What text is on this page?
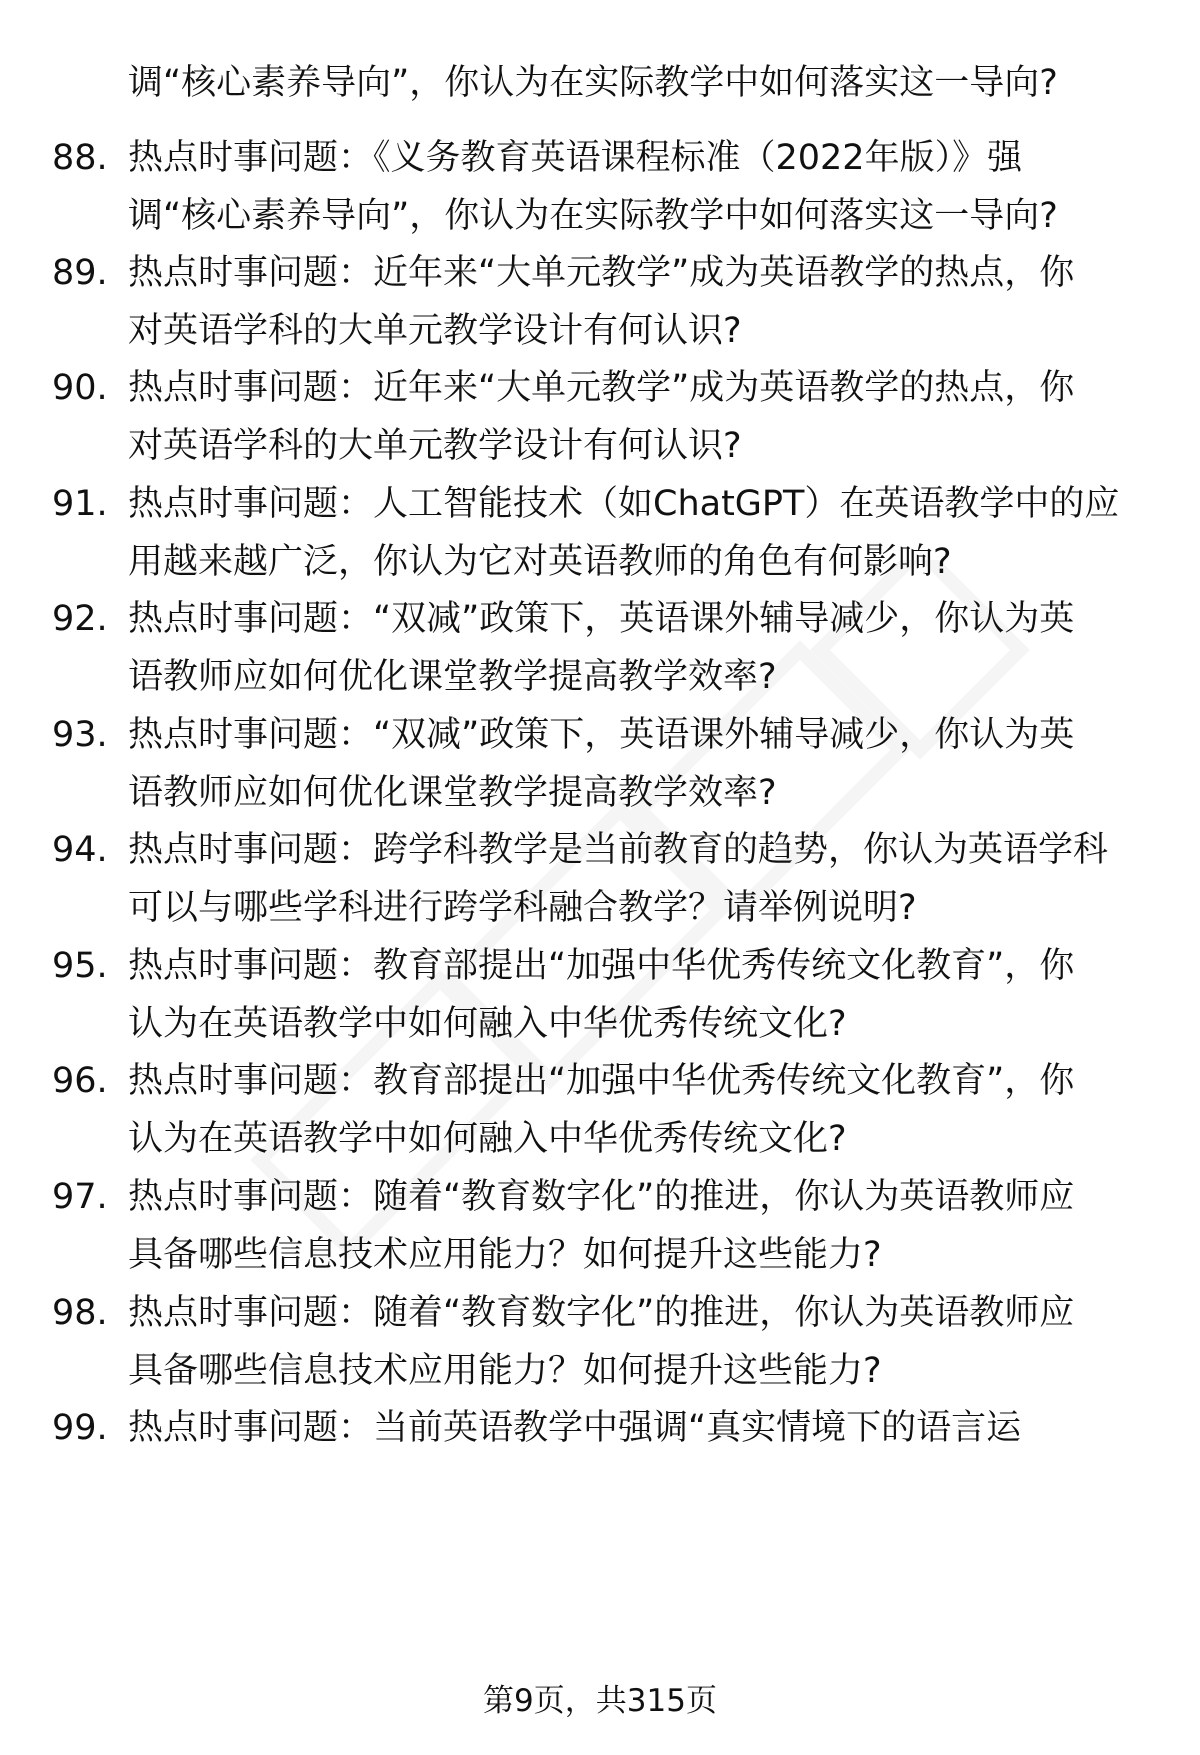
调“核心素养导向”，你认为在实际教学中如何落实这一导向?
88. 热点时事问题：《义务教育英语课程标准（2022年版）》强
调“核心素养导向”，你认为在实际教学中如何落实这一导向?
89. 热点时事问题：近年来“大单元教学”成为英语教学的热点，你
对英语学科的大单元教学设计有何认识?
90. 热点时事问题：近年来“大单元教学”成为英语教学的热点，你
对英语学科的大单元教学设计有何认识?
91. 热点时事问题：人工智能技术（如ChatGPT）在英语教学中的应
用越来越广泛，你认为它对英语教师的角色有何影响?
92. 热点时事问题：“双减”政策下，英语课外辅导减少，你认为英
语教师应如何优化课堂教学提高教学效率?
93. 热点时事问题：“双减”政策下，英语课外辅导减少，你认为英
语教师应如何优化课堂教学提高教学效率?
94. 热点时事问题：跨学科教学是当前教育的趋势，你认为英语学科
可以与哪些学科进行跨学科融合教学？请举例说明?
95. 热点时事问题：教育部提出“加强中华优秀传统文化教育”，你
认为在英语教学中如何融入中华优秀传统文化?
96. 热点时事问题：教育部提出“加强中华优秀传统文化教育”，你
认为在英语教学中如何融入中华优秀传统文化?
97. 热点时事问题：随着“教育数字化”的推进，你认为英语教师应
具备哪些信息技术应用能力？如何提升这些能力?
98. 热点时事问题：随着“教育数字化”的推进，你认为英语教师应
具备哪些信息技术应用能力？如何提升这些能力?
99. 热点时事问题：当前英语教学中强调“真实情境下的语言运
第9页，共315页
